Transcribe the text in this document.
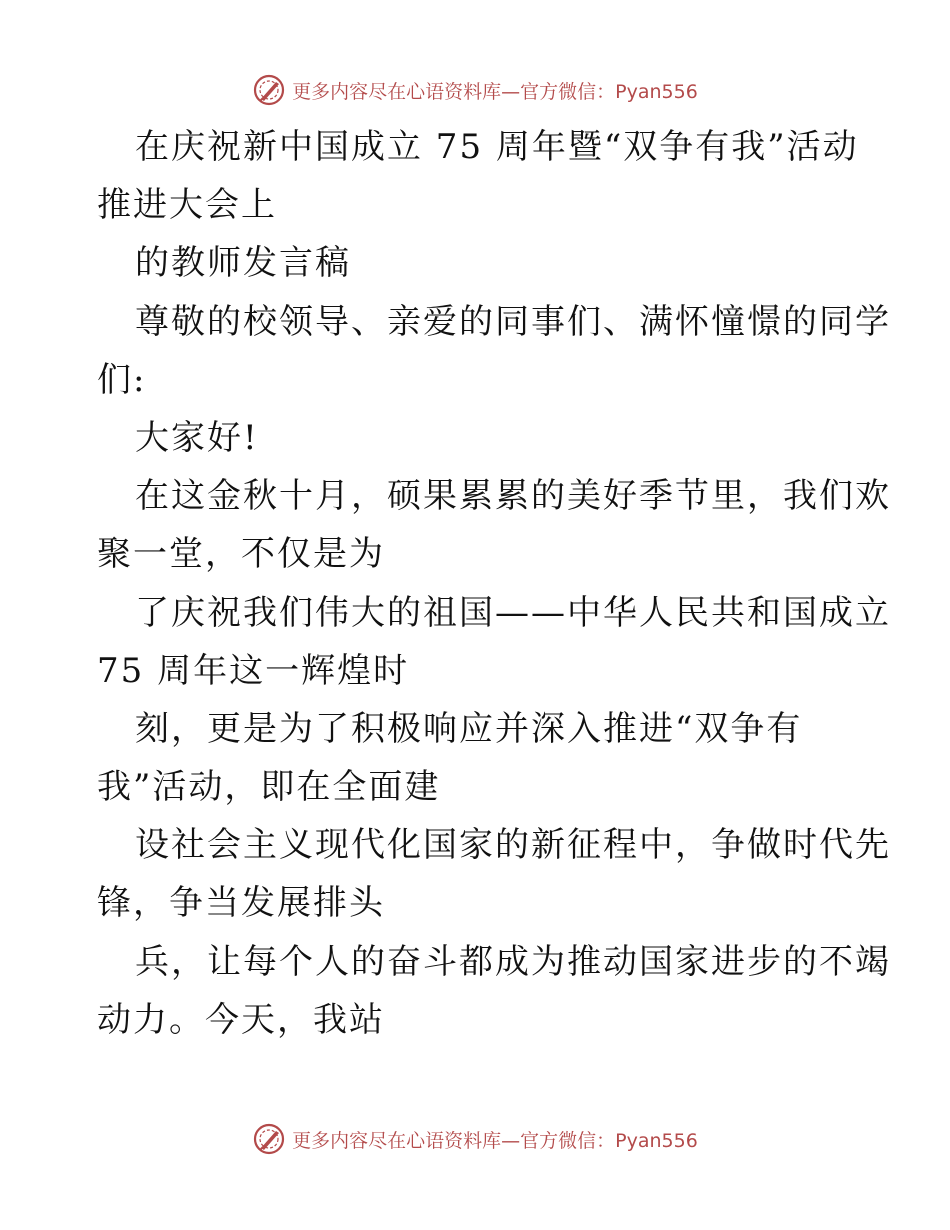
更多内容尽在心语资料库—官方微信：Pyan556
在庆祝新中国成立 75 周年暨“双争有我”活动
推进大会上
的教师发言稿
尊敬的校领导、亲爱的同事们、满怀憧憬的同学
们:
大家好!
在这金秋十月，硕果累累的美好季节里，我们欢
聚一堂，不仅是为
了庆祝我们伟大的祖国——中华人民共和国成立
75 周年这一辉煌时
刻，更是为了积极响应并深入推进“双争有
我”活动，即在全面建
设社会主义现代化国家的新征程中，争做时代先
锋，争当发展排头
兵，让每个人的奋斗都成为推动国家进步的不竭
动力。今天，我站
更多内容尽在心语资料库—官方微信：Pyan556
